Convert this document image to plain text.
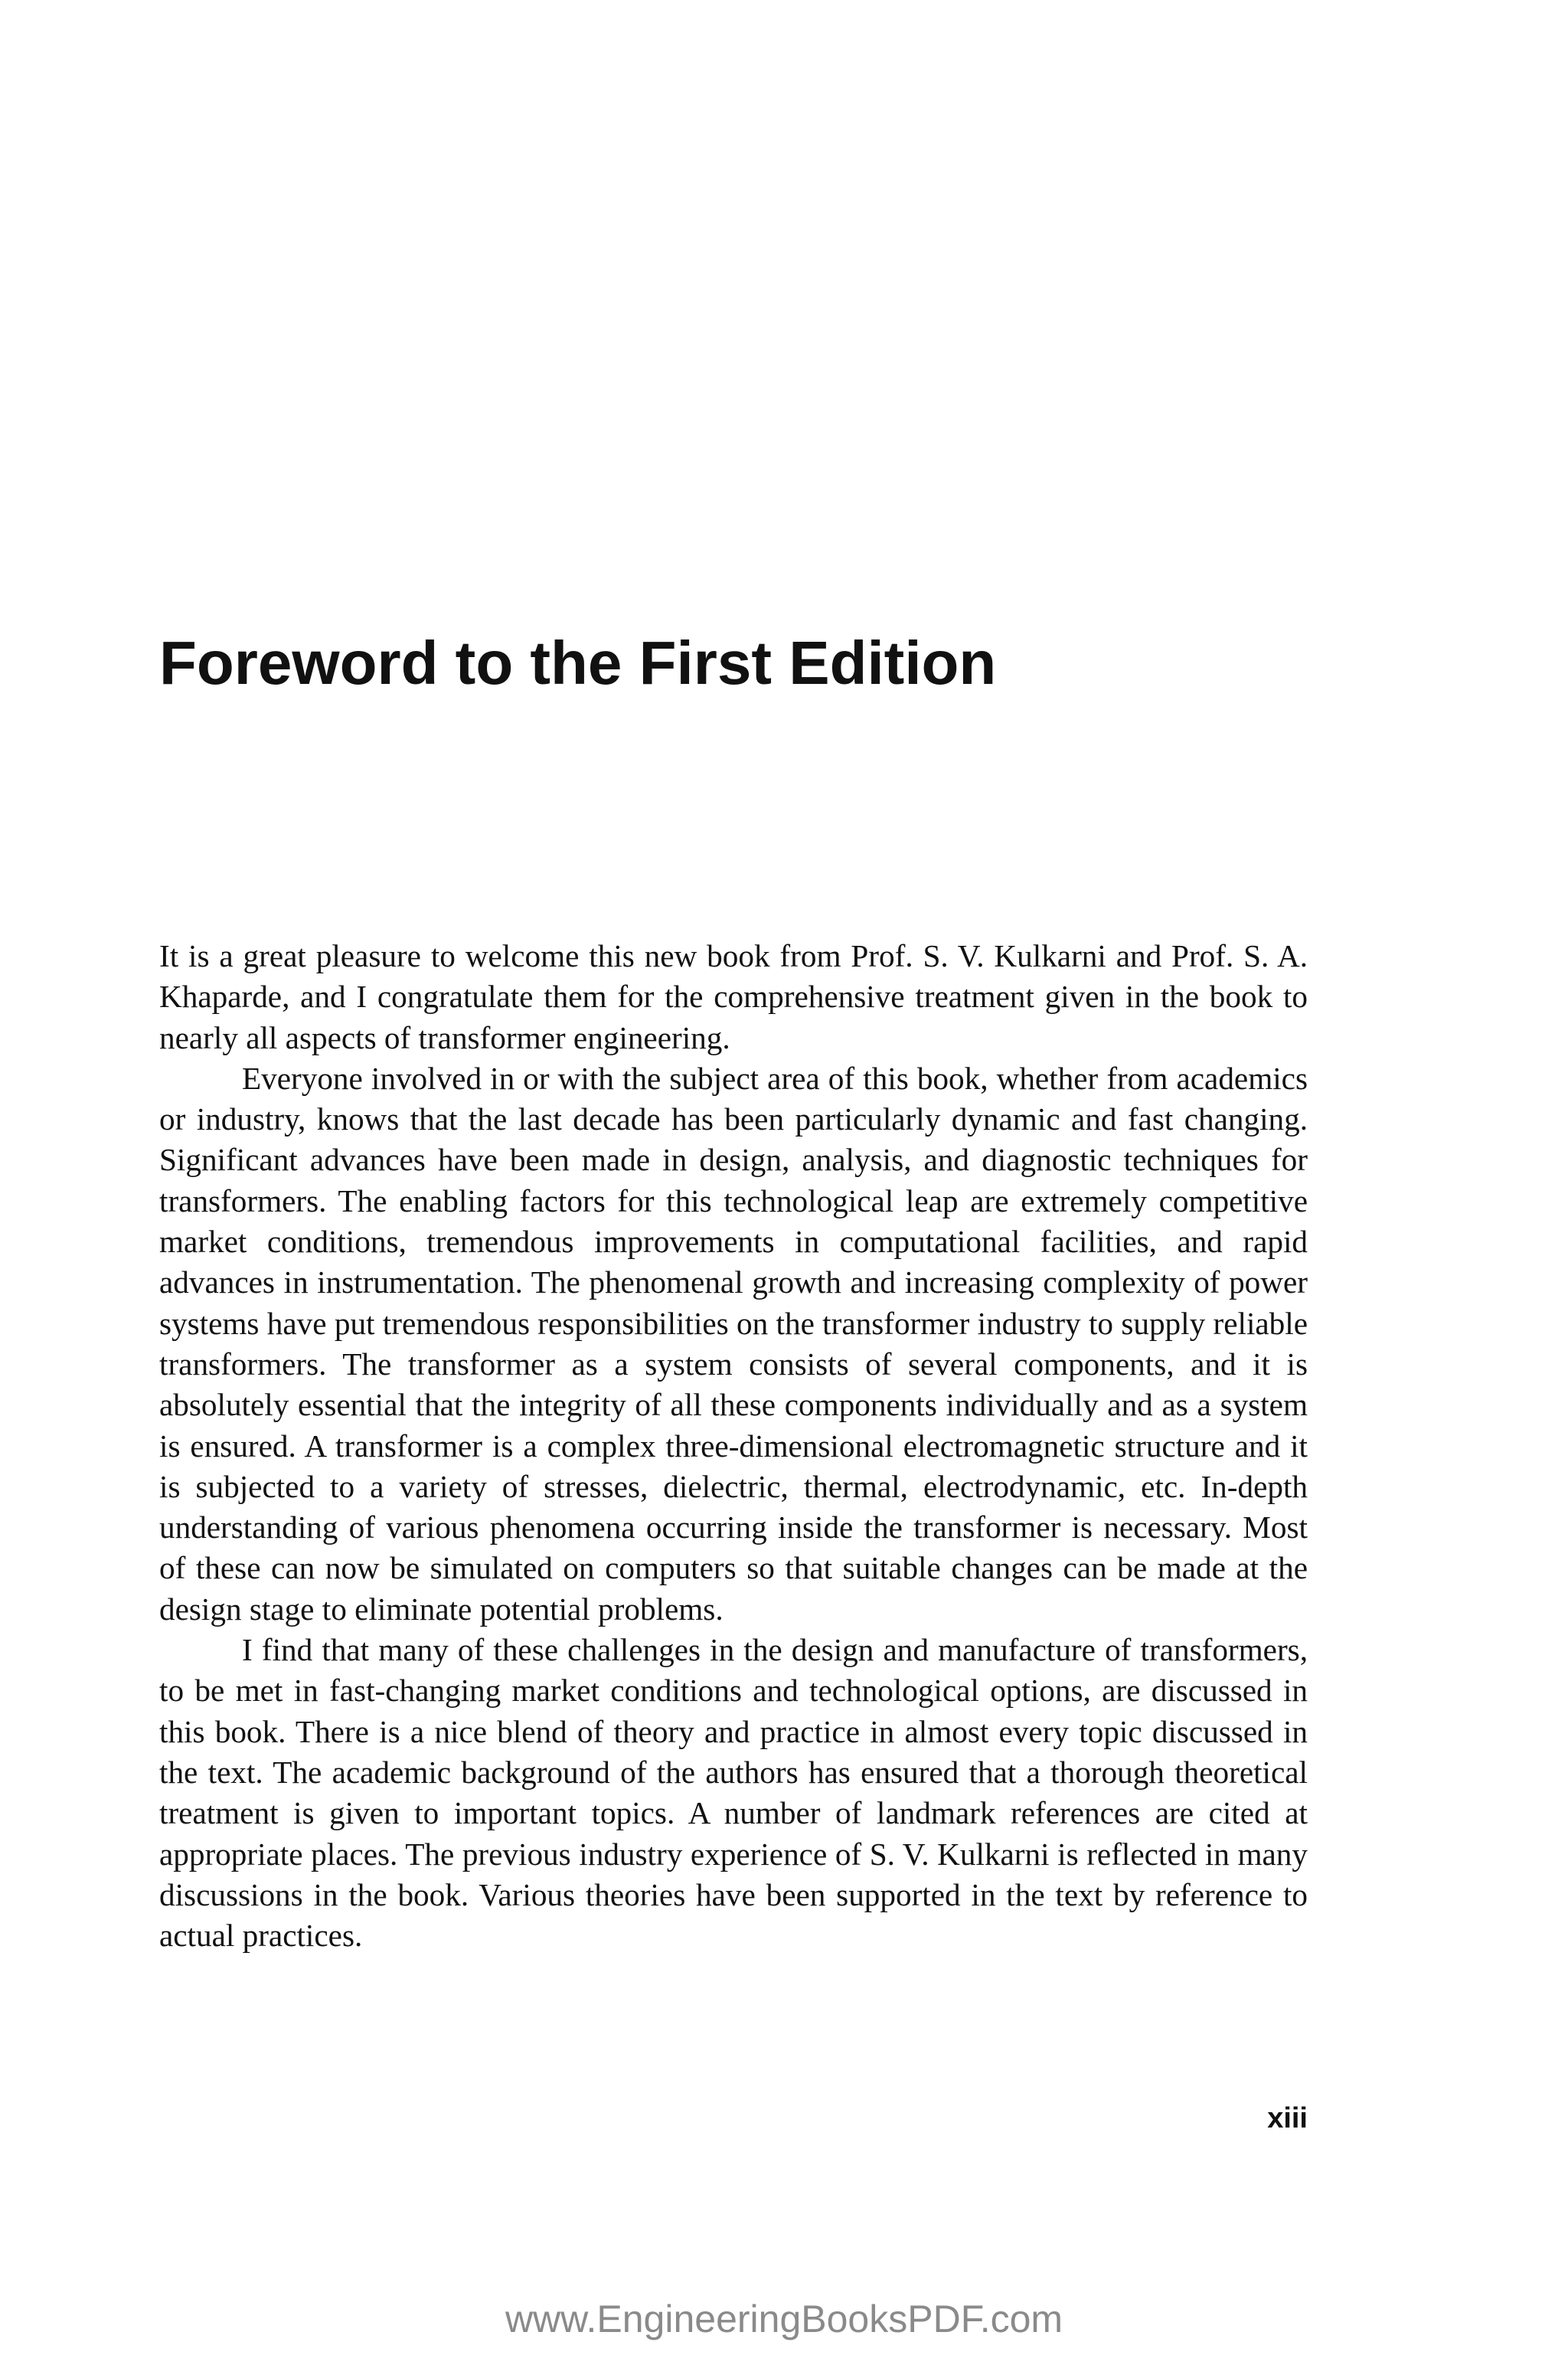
Foreword to the First Edition

It is a great pleasure to welcome this new book from Prof. S. V. Kulkarni and Prof. S. A. Khaparde, and I congratulate them for the comprehensive treatment given in the book to nearly all aspects of transformer engineering.

Everyone involved in or with the subject area of this book, whether from academics or industry, knows that the last decade has been particularly dynamic and fast changing. Significant advances have been made in design, analysis, and diagnostic techniques for transformers. The enabling factors for this technological leap are extremely competitive market conditions, tremendous improvements in computational facilities, and rapid advances in instrumentation. The phenomenal growth and increasing complexity of power systems have put tremendous responsibilities on the transformer industry to supply reliable transformers. The transformer as a system consists of several components, and it is absolutely essential that the integrity of all these components individually and as a system is ensured. A transformer is a complex three-dimensional electromagnetic structure and it is subjected to a variety of stresses, dielectric, thermal, electrodynamic, etc. In-depth understanding of various phenomena occurring inside the transformer is necessary. Most of these can now be simulated on computers so that suitable changes can be made at the design stage to eliminate potential problems.

I find that many of these challenges in the design and manufacture of transformers, to be met in fast-changing market conditions and technological options, are discussed in this book. There is a nice blend of theory and practice in almost every topic discussed in the text. The academic background of the authors has ensured that a thorough theoretical treatment is given to important topics. A number of landmark references are cited at appropriate places. The previous industry experience of S. V. Kulkarni is reflected in many discussions in the book. Various theories have been supported in the text by reference to actual practices.

xiii
www.EngineeringBooksPDF.com
